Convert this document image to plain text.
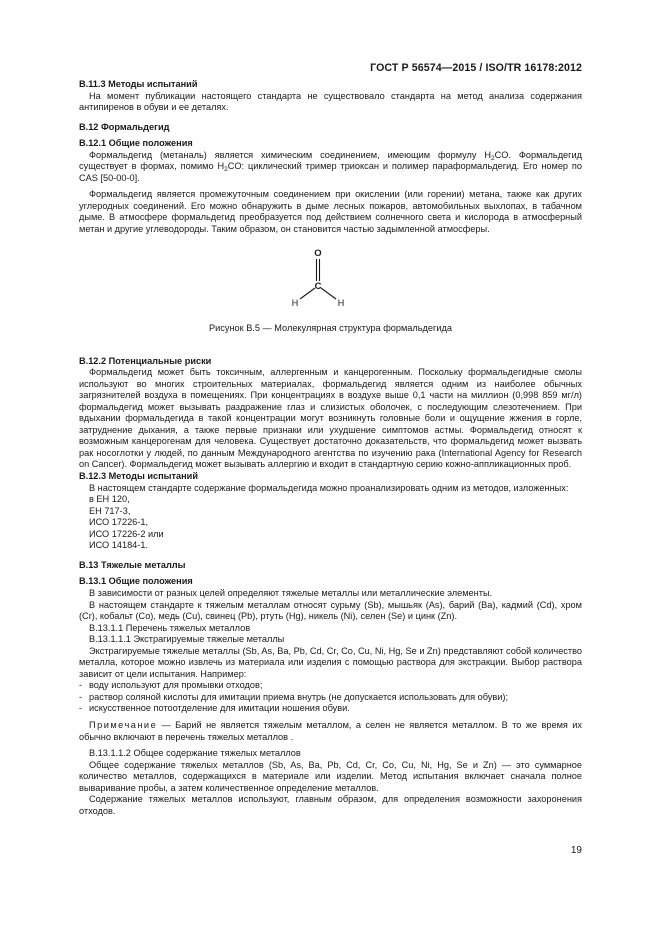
ГОСТ Р 56574—2015 / ISO/TR 16178:2012

В.11.3 Методы испытаний

На момент публикации настоящего стандарта не существовало стандарта на метод анализа содержания антипиренов в обуви и ее деталях.

В.12 Формальдегид

В.12.1 Общие положения

Формальдегид (метаналь) является химическим соединением, имеющим формулу $H_2CO$. Формальдегид существует в формах, помимо $H_2CO$: циклический тример триоксан и полимер параформальдегид. Его номер по CAS [50-00-0].

Формальдегид является промежуточным соединением при окислении (или горении) метана, также как других углеродных соединений. Его можно обнаружить в дыме лесных пожаров, автомобильных выхлопах, в табачном дыме. В атмосфере формальдегид преобразуется под действием солнечного света и кислорода в атмосферный метан и другие углеводороды. Таким образом, он становится частью задымленной атмосферы.

O
C
H	H

Рисунок В.5 — Молекулярная структура формальдегида

В.12.2 Потенциальные риски

Формальдегид может быть токсичным, аллергенным и канцерогенным. Поскольку формальдегидные смолы используют во многих строительных материалах, формальдегид является одним из наиболее обычных загрязнителей воздуха в помещениях. При концентрациях в воздухе выше 0,1 части на миллион (0,998 859 мг/л) формальдегид может вызывать раздражение глаз и слизистых оболочек, с последующим слезотечением. При вдыхании формальдегида в такой концентрации могут возникнуть головные боли и ощущение жжения в горле, затруднение дыхания, а также первые признаки или ухудшение симптомов астмы. Формальдегид относят к возможным канцерогенам для человека. Существует достаточно доказательств, что формальдегид может вызвать рак носоглотки у людей, по данным Международного агентства по изучению рака (International Agency for Research on Cancer). Формальдегид может вызывать аллергию и входит в стандартную серию кожно-аппликационных проб.

В.12.3 Методы испытаний

В настоящем стандарте содержание формальдегида можно проанализировать одним из методов, изложенных:

в ЕН 120,
ЕН 717-3,
ИСО 17226-1,
ИСО 17226-2 или
ИСО 14184-1.

В.13 Тяжелые металлы

В.13.1 Общие положения

В зависимости от разных целей определяют тяжелые металлы или металлические элементы.

В настоящем стандарте к тяжелым металлам относят сурьму (Sb), мышьяк (As), барий (Ba), кадмий (Cd), хром (Cr), кобальт (Co), медь (Cu), свинец (Pb), ртуть (Hg), никель (Ni), селен (Se) и цинк (Zn).

В.13.1.1 Перечень тяжелых металлов

В.13.1.1.1 Экстрагируемые тяжелые металлы

Экстрагируемые тяжелые металлы (Sb, As, Ba, Pb, Cd, Cr, Co, Cu, Ni, Hg, Se и Zn) представляют собой количество металла, которое можно извлечь из материала или изделия с помощью раствора для экстракции. Выбор раствора зависит от цели испытания. Например:

- воду используют для промывки отходов;
- раствор соляной кислоты для имитации приема внутрь (не допускается использовать для обуви);
- искусственное потоотделение для имитации ношения обуви.

Примечание — Барий не является тяжелым металлом, а селен не является металлом. В то же время их обычно включают в перечень тяжелых металлов .

В.13.1.1.2 Общее содержание тяжелых металлов

Общее содержание тяжелых металлов (Sb, As, Ba, Pb, Cd, Cr, Co, Cu, Ni, Hg, Se и Zn) — это суммарное количество металлов, содержащихся в материале или изделии. Метод испытания включает сначала полное вываривание пробы, а затем количественное определение металлов.

Содержание тяжелых металлов используют, главным образом, для определения возможности захоронения отходов.

19
